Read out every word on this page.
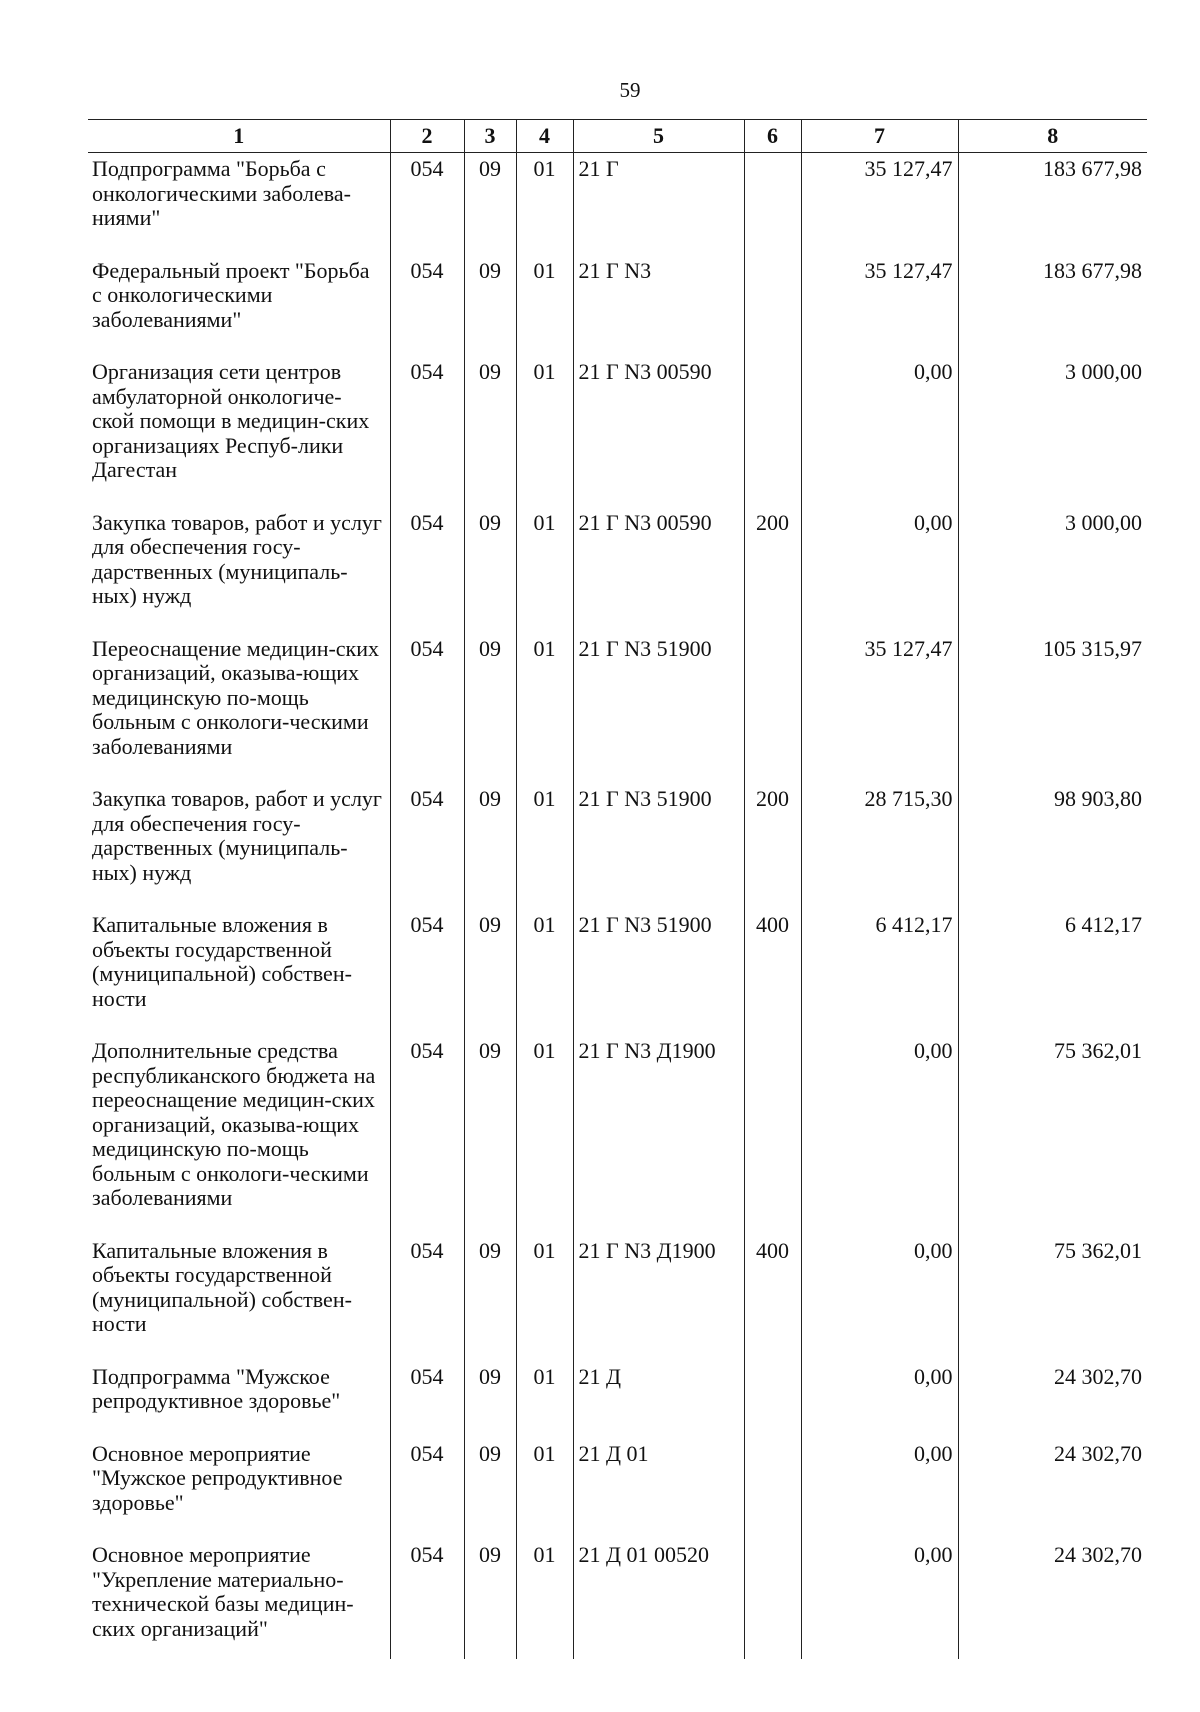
59
1	2	3	4	5	6	7	8
Подпрограмма "Борьба с онкологическими заболева-ниями"	054	09	01	21 Г		35 127,47	183 677,98
Федеральный проект "Борьба с онкологическими заболеваниями"	054	09	01	21 Г N3		35 127,47	183 677,98
Организация сети центров амбулаторной онкологиче-ской помощи в медицин-ских организациях Респуб-лики Дагестан	054	09	01	21 Г N3 00590		0,00	3 000,00
Закупка товаров, работ и услуг для обеспечения госу-дарственных (муниципаль-ных) нужд	054	09	01	21 Г N3 00590	200	0,00	3 000,00
Переоснащение медицин-ских организаций, оказыва-ющих медицинскую по-мощь больным с онкологи-ческими заболеваниями	054	09	01	21 Г N3 51900		35 127,47	105 315,97
Закупка товаров, работ и услуг для обеспечения госу-дарственных (муниципаль-ных) нужд	054	09	01	21 Г N3 51900	200	28 715,30	98 903,80
Капитальные вложения в объекты государственной (муниципальной) собствен-ности	054	09	01	21 Г N3 51900	400	6 412,17	6 412,17
Дополнительные средства республиканского бюджета на переоснащение медицин-ских организаций, оказыва-ющих медицинскую по-мощь больным с онкологи-ческими заболеваниями	054	09	01	21 Г N3 Д1900		0,00	75 362,01
Капитальные вложения в объекты государственной (муниципальной) собствен-ности	054	09	01	21 Г N3 Д1900	400	0,00	75 362,01
Подпрограмма "Мужское репродуктивное здоровье"	054	09	01	21 Д		0,00	24 302,70
Основное мероприятие "Мужское репродуктивное здоровье"	054	09	01	21 Д 01		0,00	24 302,70
Основное мероприятие "Укрепление материально-технической базы медицин-ских организаций"	054	09	01	21 Д 01 00520		0,00	24 302,70
